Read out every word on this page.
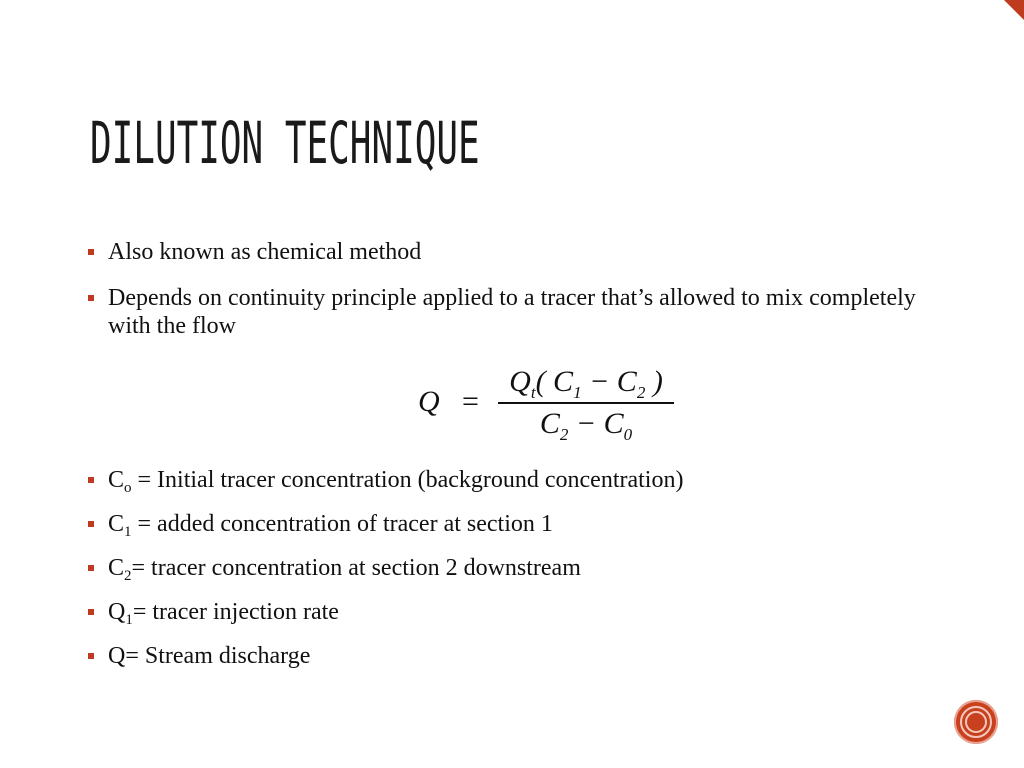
DILUTION TECHNIQUE
Also known as chemical method
Depends on continuity principle applied to a tracer that’s allowed to mix completely with the flow
Q =
$Q_t$( $C_1 - C_2$ )
$C_2 - C_0$
$C_o$ = Initial tracer concentration (background concentration)
$C_1$ = added concentration of tracer at section 1
$C_2=$ tracer concentration at section 2 downstream
$Q_1=$ tracer injection rate
Q= Stream discharge
